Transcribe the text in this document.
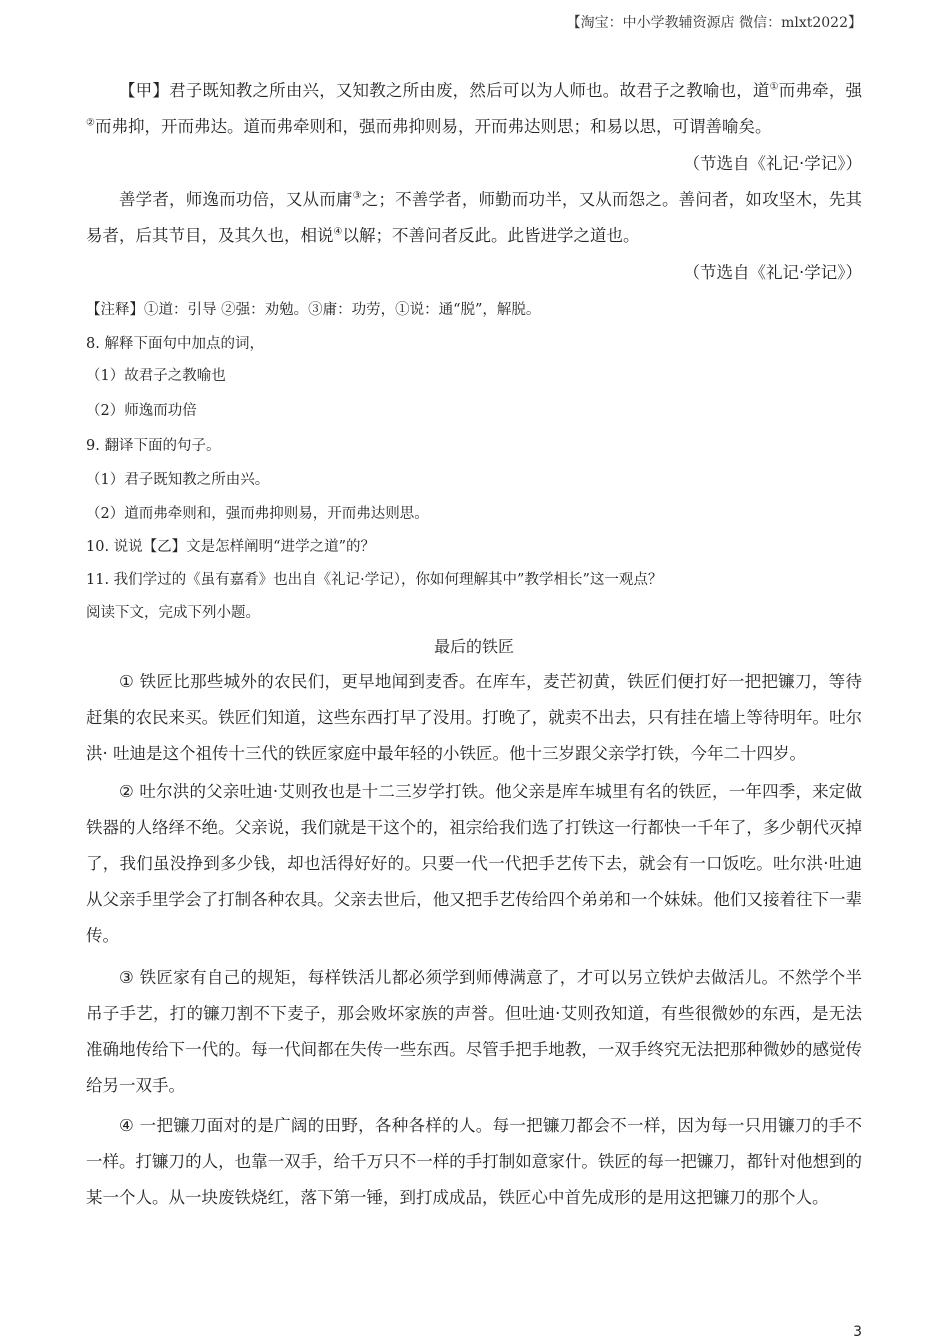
【淘宝：中小学教辅资源店 微信：mlxt2022】
【甲】君子既知教之所由兴，又知教之所由废，然后可以为人师也。故君子之教喻也，道①而弗牵，强②而弗抑，开而弗达。道而弗牵则和，强而弗抑则易，开而弗达则思；和易以思，可谓善喻矣。
（节选自《礼记·学记》）
善学者，师逸而功倍，又从而庸③之；不善学者，师勤而功半，又从而怨之。善问者，如攻坚木，先其易者，后其节目，及其久也，相说④以解；不善问者反此。此皆进学之道也。
（节选自《礼记·学记》）
【注释】①道：引导 ②强：劝勉。③庸：功劳，①说：通“脱”，解脱。
8. 解释下面句中加点的词，
（1）故君子之教喻也
（2）师逸而功倍
9. 翻译下面的句子。
（1）君子既知教之所由兴。
（2）道而弗牵则和，强而弗抑则易，开而弗达则思。
10. 说说【乙】文是怎样阐明“进学之道”的？
11. 我们学过的《虽有嘉肴》也出自《礼记·学记），你如何理解其中”教学相长”这一观点？
阅读下文，完成下列小题。
最后的铁匠
① 铁匠比那些城外的农民们，更早地闻到麦香。在库车，麦芒初黄，铁匠们便打好一把把镰刀，等待赶集的农民来买。铁匠们知道，这些东西打早了没用。打晚了，就卖不出去，只有挂在墙上等待明年。吐尔洪· 吐迪是这个祖传十三代的铁匠家庭中最年轻的小铁匠。他十三岁跟父亲学打铁，今年二十四岁。
② 吐尔洪的父亲吐迪·艾则孜也是十二三岁学打铁。他父亲是库车城里有名的铁匠，一年四季，来定做铁器的人络绎不绝。父亲说，我们就是干这个的，祖宗给我们选了打铁这一行都快一千年了，多少朝代灭掉了，我们虽没挣到多少钱，却也活得好好的。只要一代一代把手艺传下去，就会有一口饭吃。吐尔洪·吐迪从父亲手里学会了打制各种农具。父亲去世后，他又把手艺传给四个弟弟和一个妹妹。他们又接着往下一辈传。
③ 铁匠家有自己的规矩，每样铁活儿都必须学到师傅满意了，才可以另立铁炉去做活儿。不然学个半吊子手艺，打的镰刀割不下麦子，那会败坏家族的声誉。但吐迪·艾则孜知道，有些很微妙的东西，是无法准确地传给下一代的。每一代间都在失传一些东西。尽管手把手地教，一双手终究无法把那种微妙的感觉传给另一双手。
④ 一把镰刀面对的是广阔的田野，各种各样的人。每一把镰刀都会不一样，因为每一只用镰刀的手不一样。打镰刀的人，也靠一双手，给千万只不一样的手打制如意家什。铁匠的每一把镰刀，都针对他想到的某一个人。从一块废铁烧红，落下第一锤，到打成成品，铁匠心中首先成形的是用这把镰刀的那个人。
3
